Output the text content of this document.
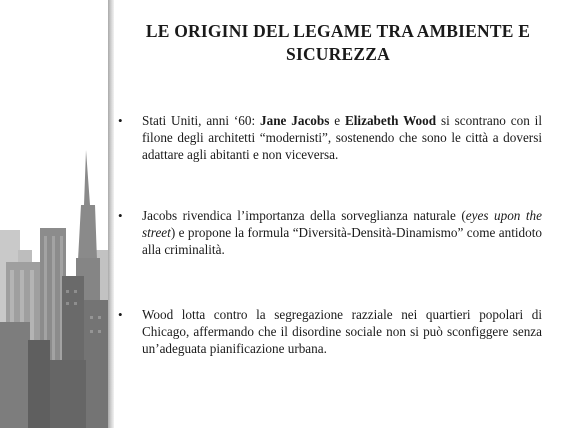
LE ORIGINI DEL LEGAME TRA AMBIENTE E SICUREZZA
• Stati Uniti, anni ‘60: Jane Jacobs e Elizabeth Wood si scontrano con il filone degli architetti “modernisti”, sostenendo che sono le città a doversi adattare agli abitanti e non viceversa.
• Jacobs rivendica l’importanza della sorveglianza naturale (eyes upon the street) e propone la formula “Diversità-Densità-Dinamismo” come antidoto alla criminalità.
• Wood lotta contro la segregazione razziale nei quartieri popolari di Chicago, affermando che il disordine sociale non si può sconfiggere senza un’adeguata pianificazione urbana.
